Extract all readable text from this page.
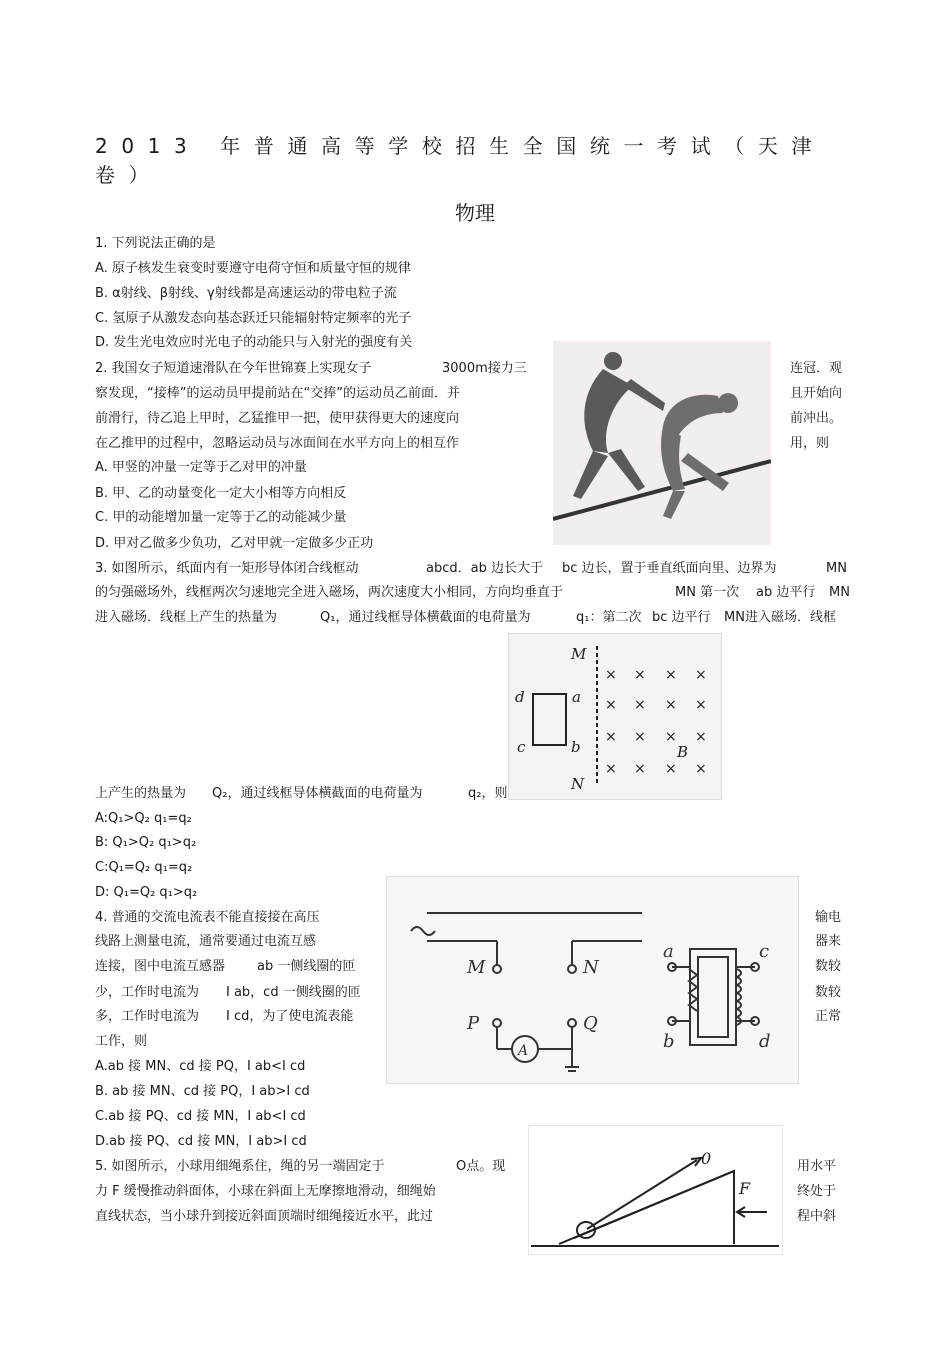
2013 年普通高等学校招生全国统一考试（天津卷）
物理
1. 下列说法正确的是
A. 原子核发生衰变时要遵守电荷守恒和质量守恒的规律
B. α射线、β射线、γ射线都是高速运动的带电粒子流
C. 氢原子从激发态向基态跃迁只能辐射特定频率的光子
D. 发生光电效应时光电子的动能只与入射光的强度有关
2. 我国女子短道速滑队在今年世锦赛上实现女子	3000m接力三	连冠．观
察发现，“接棒”的运动员甲提前站在“交捧”的运动员乙前面．并	且开始向
前滑行，待乙追上甲时，乙猛推甲一把，使甲获得更大的速度向	前冲出。
在乙推甲的过程中，忽略运动员与冰面间在水平方向上的相互作	用，则
A. 甲竖的冲量一定等于乙对甲的冲量
B. 甲、乙的动量变化一定大小相等方向相反
C. 甲的动能增加量一定等于乙的动能减少量
D. 甲对乙做多少负功，乙对甲就一定做多少正功
3. 如图所示，纸面内有一矩形导体闭合线框动	abcd．ab 边长大于 bc 边长，置于垂直纸面向里、边界为	MN
的匀强磁场外，线框两次匀速地完全进入磁场，两次速度大小相同，方向均垂直于	MN 第一次 ab 边平行 MN
进入磁场．线框上产生的热量为	Q₁，通过线框导体横截面的电荷量为	q₁：第二次 bc 边平行 MN进入磁场．线框
M
N
d	a
c	b
× × × ×
× × × ×
× × × ×
× × × ×
B
上产生的热量为 Q₂，通过线框导体横截面的电荷量为	q₂，则
A:Q₁>Q₂ q₁=q₂
B: Q₁>Q₂ q₁>q₂
C:Q₁=Q₂ q₁=q₂
D: Q₁=Q₂ q₁>q₂
4. 普通的交流电流表不能直接接在高压	输电
线路上测量电流，通常要通过电流互感	器来
连接，图中电流互感器 ab 一侧线圈的匝	数较
少，工作时电流为 I ab，cd 一侧线圈的匝	数较
多，工作时电流为 I cd，为了使电流表能	正常
工作，则
A.ab 接 MN、cd 接 PQ，I ab<I cd
B. ab 接 MN、cd 接 PQ，I ab>I cd
C.ab 接 PQ、cd 接 MN，I ab<I cd
D.ab 接 PQ、cd 接 MN，I ab>I cd
M	N
P	Q
a
b
c
d
A
5. 如图所示，小球用细绳系住，绳的另一端固定于	O点。现	用水平
力 F 缓慢推动斜面体，小球在斜面上无摩擦地滑动，细绳始	终处于
直线状态，当小球升到接近斜面顶端时细绳接近水平，此过	程中斜
0
F
